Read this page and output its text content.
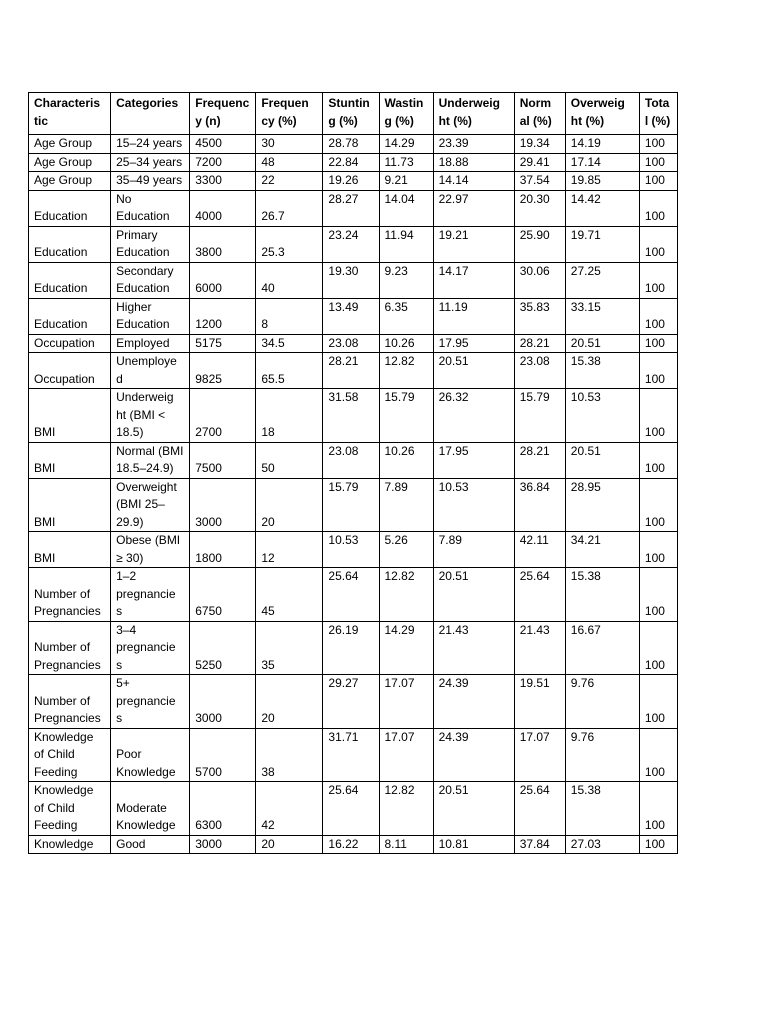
Characteris tic	Categories	Frequenc y (n)	Frequen cy (%)	Stuntin g (%)	Wastin g (%)	Underweig ht (%)	Norm al (%)	Overweig ht (%)	Tota l (%)
Age Group	15–24 years	4500	30	28.78	14.29	23.39	19.34	14.19	100
Age Group	25–34 years	7200	48	22.84	11.73	18.88	29.41	17.14	100
Age Group	35–49 years	3300	22	19.26	9.21	14.14	37.54	19.85	100
Education	No Education	4000	26.7	28.27	14.04	22.97	20.30	14.42	100
Education	Primary Education	3800	25.3	23.24	11.94	19.21	25.90	19.71	100
Education	Secondary Education	6000	40	19.30	9.23	14.17	30.06	27.25	100
Education	Higher Education	1200	8	13.49	6.35	11.19	35.83	33.15	100
Occupation	Employed	5175	34.5	23.08	10.26	17.95	28.21	20.51	100
Occupation	Unemploye d	9825	65.5	28.21	12.82	20.51	23.08	15.38	100
BMI	Underweig ht (BMI < 18.5)	2700	18	31.58	15.79	26.32	15.79	10.53	100
BMI	Normal (BMI 18.5–24.9)	7500	50	23.08	10.26	17.95	28.21	20.51	100
BMI	Overweight (BMI 25–29.9)	3000	20	15.79	7.89	10.53	36.84	28.95	100
BMI	Obese (BMI ≥ 30)	1800	12	10.53	5.26	7.89	42.11	34.21	100
Number of Pregnancies	1–2 pregnancie s	6750	45	25.64	12.82	20.51	25.64	15.38	100
Number of Pregnancies	3–4 pregnancie s	5250	35	26.19	14.29	21.43	21.43	16.67	100
Number of Pregnancies	5+ pregnancie s	3000	20	29.27	17.07	24.39	19.51	9.76	100
Knowledge of Child Feeding	Poor Knowledge	5700	38	31.71	17.07	24.39	17.07	9.76	100
Knowledge of Child Feeding	Moderate Knowledge	6300	42	25.64	12.82	20.51	25.64	15.38	100
Knowledge	Good	3000	20	16.22	8.11	10.81	37.84	27.03	100
